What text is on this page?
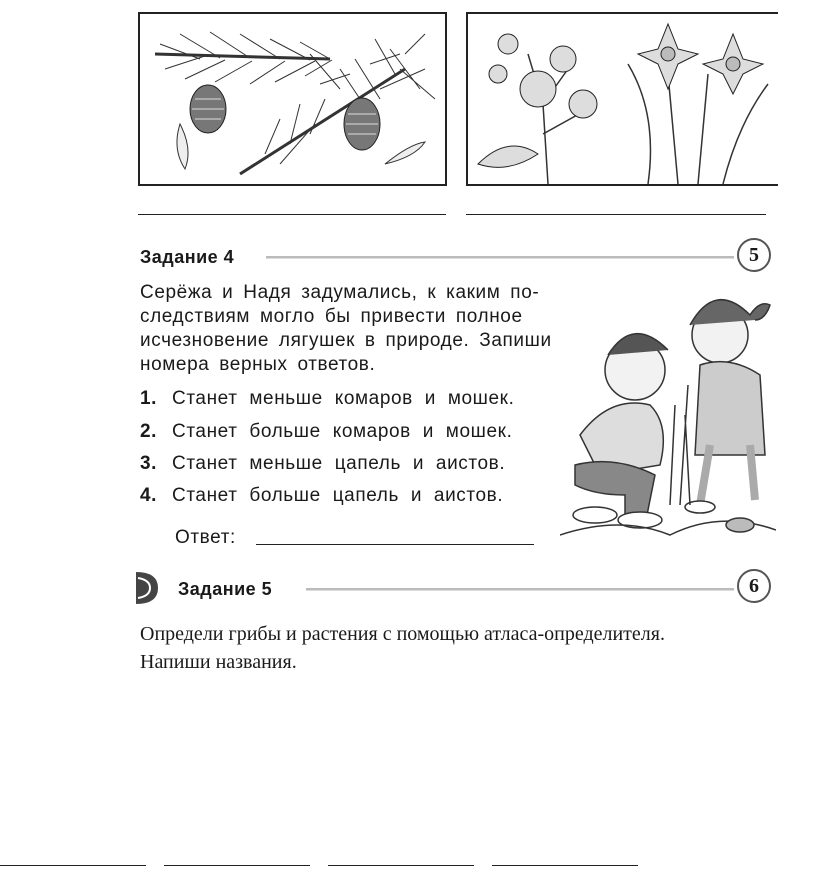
Задание 4	5
Серёжа и Надя задумались, к каким по-следствиям могло бы привести полное исчезновение лягушек в природе. Запиши номера верных ответов.
1. Станет меньше комаров и мошек.
2. Станет больше комаров и мошек.
3. Станет меньше цапель и аистов.
4. Станет больше цапель и аистов.
Ответ:
Задание 5	6
Определи грибы и растения с помощью атласа-определителя. Напиши названия.
